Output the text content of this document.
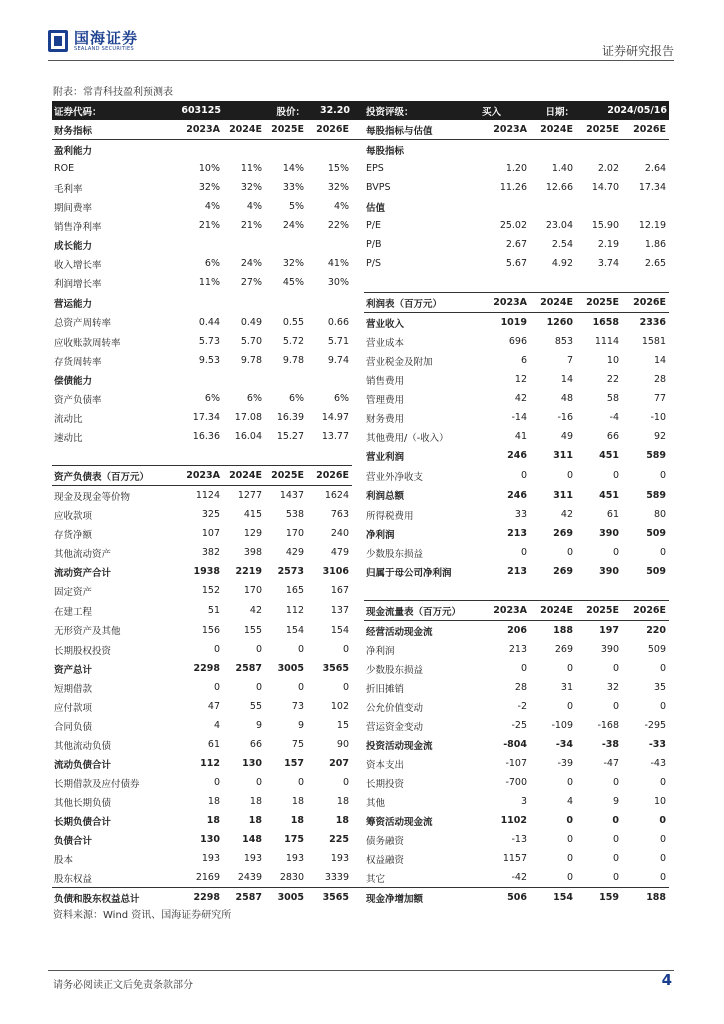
国海证券
SEALAND SECURITIES	证券研究报告
附表：常青科技盈利预测表
证券代码：	603125	股价：		32.20		投资评级：	买入	日期：	2024/05/16	
财务指标	2023A	2024E	2025E	2026E		每股指标与估值	2023A	2024E	2025E	2026E
盈利能力						每股指标				
ROE	10%	11%	14%	15%		EPS	1.20	1.40	2.02	2.64
毛利率	32%	32%	33%	32%		BVPS	11.26	12.66	14.70	17.34
期间费率	4%	4%	5%	4%		估值				
销售净利率	21%	21%	24%	22%		P/E	25.02	23.04	15.90	12.19
成长能力						P/B	2.67	2.54	2.19	1.86
收入增长率	6%	24%	32%	41%		P/S	5.67	4.92	3.74	2.65
利润增长率	11%	27%	45%	30%						
营运能力						利润表（百万元）	2023A	2024E	2025E	2026E
总资产周转率	0.44	0.49	0.55	0.66		营业收入	1019	1260	1658	2336
应收账款周转率	5.73	5.70	5.72	5.71		营业成本	696	853	1114	1581
存货周转率	9.53	9.78	9.78	9.74		营业税金及附加	6	7	10	14
偿债能力						销售费用	12	14	22	28
资产负债率	6%	6%	6%	6%		管理费用	42	48	58	77
流动比	17.34	17.08	16.39	14.97		财务费用	-14	-16	-4	-10
速动比	16.36	16.04	15.27	13.77		其他费用/（-收入）	41	49	66	92
						营业利润	246	311	451	589
资产负债表（百万元）	2023A	2024E	2025E	2026E		营业外净收支	0	0	0	0
现金及现金等价物	1124	1277	1437	1624		利润总额	246	311	451	589
应收款项	325	415	538	763		所得税费用	33	42	61	80
存货净额	107	129	170	240		净利润	213	269	390	509
其他流动资产	382	398	429	479		少数股东损益	0	0	0	0
流动资产合计	1938	2219	2573	3106		归属于母公司净利润	213	269	390	509
固定资产	152	170	165	167						
在建工程	51	42	112	137		现金流量表（百万元）	2023A	2024E	2025E	2026E
无形资产及其他	156	155	154	154		经营活动现金流	206	188	197	220
长期股权投资	0	0	0	0		净利润	213	269	390	509
资产总计	2298	2587	3005	3565		少数股东损益	0	0	0	0
短期借款	0	0	0	0		折旧摊销	28	31	32	35
应付款项	47	55	73	102		公允价值变动	-2	0	0	0
合同负债	4	9	9	15		营运资金变动	-25	-109	-168	-295
其他流动负债	61	66	75	90		投资活动现金流	-804	-34	-38	-33
流动负债合计	112	130	157	207		资本支出	-107	-39	-47	-43
长期借款及应付债券	0	0	0	0		长期投资	-700	0	0	0
其他长期负债	18	18	18	18		其他	3	4	9	10
长期负债合计	18	18	18	18		筹资活动现金流	1102	0	0	0
负债合计	130	148	175	225		债务融资	-13	0	0	0
股本	193	193	193	193		权益融资	1157	0	0	0
股东权益	2169	2439	2830	3339		其它	-42	0	0	0
负债和股东权益总计	2298	2587	3005	3565		现金净增加额	506	154	159	188
资料来源：Wind 资讯、国海证券研究所
请务必阅读正文后免责条款部分	4
